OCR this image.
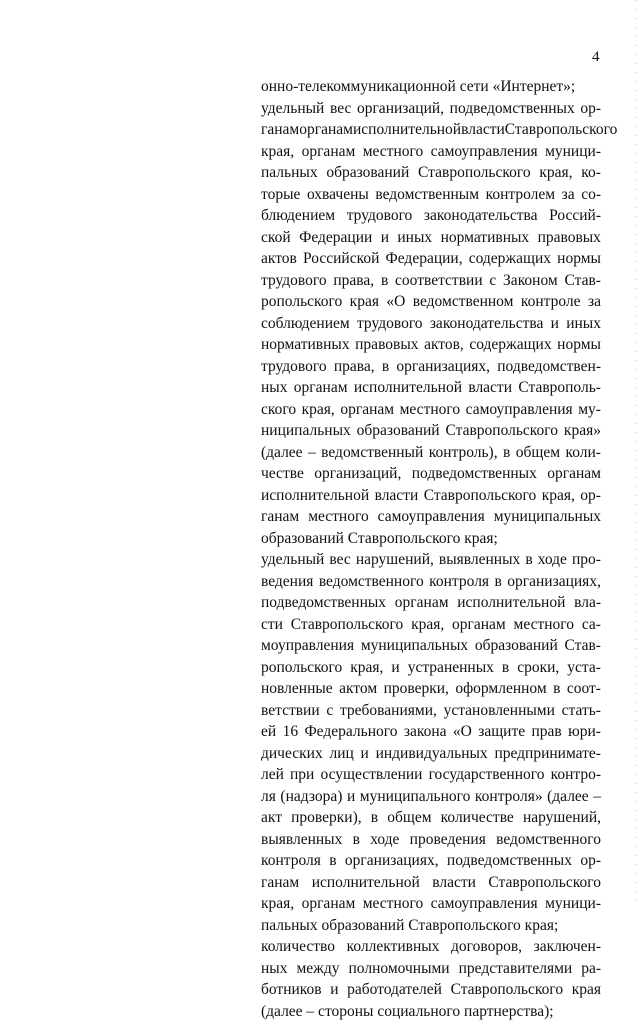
4
онно-телекоммуникационной сети «Интернет»;
удельный вес организаций, подведомственных ор-
ганам органам исполнительной власти Ставропольского
края, органам местного самоуправления муници-
пальных образований Ставропольского края, ко-
торые охвачены ведомственным контролем за со-
блюдением трудового законодательства Россий-
ской Федерации и иных нормативных правовых
актов Российской Федерации, содержащих нормы
трудового права, в соответствии с Законом Став-
ропольского края «О ведомственном контроле за
соблюдением трудового законодательства и иных
нормативных правовых актов, содержащих нормы
трудового права, в организациях, подведомствен-
ных органам исполнительной власти Ставрополь-
ского края, органам местного самоуправления му-
ниципальных образований Ставропольского края»
(далее – ведомственный контроль), в общем коли-
честве организаций, подведомственных органам
исполнительной власти Ставропольского края, ор-
ганам местного самоуправления муниципальных
образований Ставропольского края;
удельный вес нарушений, выявленных в ходе про-
ведения ведомственного контроля в организациях,
подведомственных органам исполнительной вла-
сти Ставропольского края, органам местного са-
моуправления муниципальных образований Став-
ропольского края, и устраненных в сроки, уста-
новленные актом проверки, оформленном в соот-
ветствии с требованиями, установленными стать-
ей 16 Федерального закона «О защите прав юри-
дических лиц и индивидуальных предпринимате-
лей при осуществлении государственного контро-
ля (надзора) и муниципального контроля» (далее –
акт проверки), в общем количестве нарушений,
выявленных в ходе проведения ведомственного
контроля в организациях, подведомственных ор-
ганам исполнительной власти Ставропольского
края, органам местного самоуправления муници-
пальных образований Ставропольского края;
количество коллективных договоров, заключен-
ных между полномочными представителями ра-
ботников и работодателей Ставропольского края
(далее – стороны социального партнерства);
